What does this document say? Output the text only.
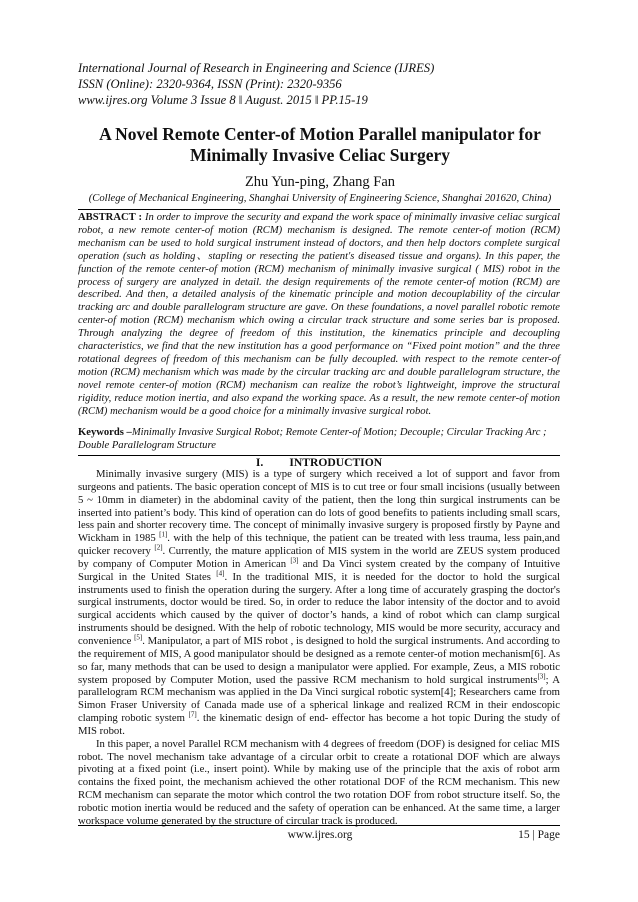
International Journal of Research in Engineering and Science (IJRES)
ISSN (Online): 2320-9364, ISSN (Print): 2320-9356
www.ijres.org Volume 3 Issue 8 ǁ August. 2015 ǁ PP.15-19
A Novel Remote Center-of Motion Parallel manipulator for
Minimally Invasive Celiac Surgery
Zhu Yun-ping, Zhang Fan
(College of Mechanical Engineering, Shanghai University of Engineering Science, Shanghai 201620, China)
ABSTRACT : In order to improve the security and expand the work space of minimally invasive celiac surgical robot, a new remote center-of motion (RCM) mechanism is designed. The remote center-of motion (RCM) mechanism can be used to hold surgical instrument instead of doctors, and then help doctors complete surgical operation (such as holding、stapling or resecting the patient's diseased tissue and organs). In this paper, the function of the remote center-of motion (RCM) mechanism of minimally invasive surgical ( MIS) robot in the process of surgery are analyzed in detail. the design requirements of the remote center-of motion (RCM) are described. And then, a detailed analysis of the kinematic principle and motion decouplability of the circular tracking arc and double parallelogram structure are gave. On these foundations, a novel parallel robotic remote center-of motion (RCM) mechanism which owing a circular track structure and some series bar is proposed. Through analyzing the degree of freedom of this institution, the kinematics principle and decoupling characteristics, we find that the new institution has a good performance on “Fixed point motion” and the three rotational degrees of freedom of this mechanism can be fully decoupled. with respect to the remote center-of motion (RCM) mechanism which was made by the circular tracking arc and double parallelogram structure, the novel remote center-of motion (RCM) mechanism can realize the robot’s lightweight, improve the structural rigidity, reduce motion inertia, and also expand the working space. As a result, the new remote center-of motion (RCM) mechanism would be a good choice for a minimally invasive surgical robot.
Keywords –Minimally Invasive Surgical Robot; Remote Center-of Motion; Decouple; Circular Tracking Arc ; Double Parallelogram Structure
I. INTRODUCTION

Minimally invasive surgery (MIS) is a type of surgery which received a lot of support and favor from surgeons and patients. The basic operation concept of MIS is to cut tree or four small incisions (usually between 5 ~ 10mm in diameter) in the abdominal cavity of the patient, then the long thin surgical instruments can be inserted into patient’s body. This kind of operation can do lots of good benefits to patients including small scars, less pain and shorter recovery time. The concept of minimally invasive surgery is proposed firstly by Payne and Wickham in 1985 [1]. with the help of this technique, the patient can be treated with less trauma, less pain,and quicker recovery [2]. Currently, the mature application of MIS system in the world are ZEUS system produced by company of Computer Motion in American [3] and Da Vinci system created by the company of Intuitive Surgical in the United States [4]. In the traditional MIS, it is needed for the doctor to hold the surgical instruments used to finish the operation during the surgery. After a long time of accurately grasping the doctor's surgical instruments, doctor would be tired. So, in order to reduce the labor intensity of the doctor and to avoid surgical accidents which caused by the quiver of doctor’s hands, a kind of robot which can clamp surgical instruments should be designed. With the help of robotic technology, MIS would be more security, accuracy and convenience [5]. Manipulator, a part of MIS robot , is designed to hold the surgical instruments. And according to the requirement of MIS, A good manipulator should be designed as a remote center-of motion mechanism[6]. As so far, many methods that can be used to design a manipulator were applied. For example, Zeus, a MIS robotic system proposed by Computer Motion, used the passive RCM mechanism to hold surgical instruments[3]; A parallelogram RCM mechanism was applied in the Da Vinci surgical robotic system[4]; Researchers came from Simon Fraser University of Canada made use of a spherical linkage and realized RCM in their endoscopic clamping robotic system [7]. the kinematic design of end- effector has become a hot topic During the study of MIS robot.

In this paper, a novel Parallel RCM mechanism with 4 degrees of freedom (DOF) is designed for celiac MIS robot. The novel mechanism take advantage of a circular orbit to create a rotational DOF which are always pivoting at a fixed point (i.e., insert point). While by making use of the principle that the axis of robot arm contains the fixed point, the mechanism achieved the other rotational DOF of the RCM mechanism. This new RCM mechanism can separate the motor which control the two rotation DOF from robot structure itself. So, the robotic motion inertia would be reduced and the safety of operation can be enhanced. At the same time, a larger workspace volume generated by the structure of circular track is produced.

www.ijres.org	15 | Page
